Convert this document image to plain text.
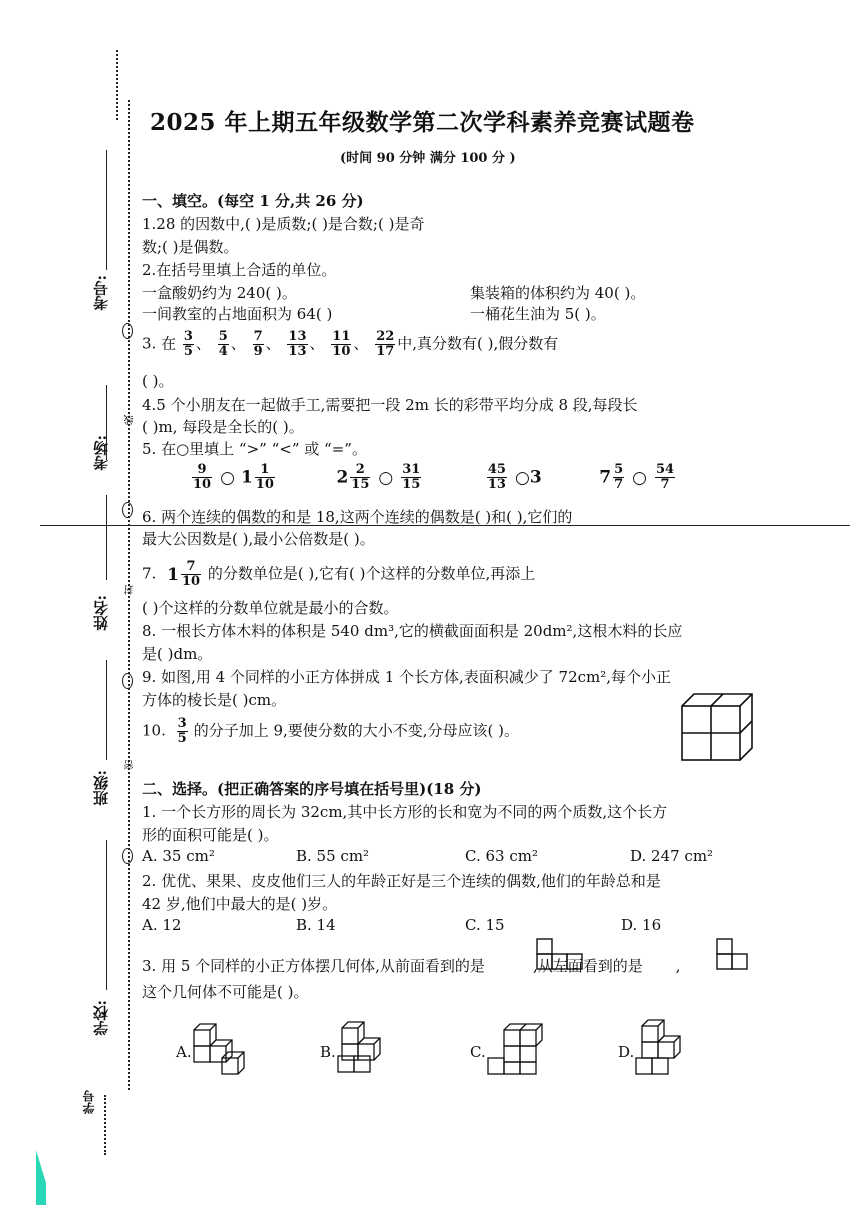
考号:
考场:
姓名:
班级:
学校:
学号
线
封
密
2025 年上期五年级数学第二次学科素养竞赛试题卷
(时间 90 分钟 满分 100 分 )
一、填空。(每空 1 分,共 26 分)
1.28 的因数中,( )是质数;( )是合数;( )是奇
数;( )是偶数。
2.在括号里填上合适的单位。
一盒酸奶约为 240( )。	集装箱的体积约为 40( )。
一间教室的占地面积为 64( )	一桶花生油为 5( )。
3. 在 $\frac{3}{5}$ 、 $\frac{5}{4}$ 、 $\frac{7}{9}$ 、 $\frac{13}{13}$ 、 $\frac{11}{10}$ 、 $\frac{22}{17}$ 中,真分数有( ),假分数有
( )。
4.5 个小朋友在一起做手工,需要把一段 2m 长的彩带平均分成 8 段,每段长
( )m, 每段是全长的( )。
5. 在○里填上 “>” “<” 或 “=”。
$\frac{9}{10}$ ○ $1 \frac{1}{10}$	$2 \frac{2}{15}$ ○ $\frac{31}{15}$
	$\frac{45}{13}$ ○3	$7 \frac{5}{7}$ ○ $\frac{54}{7}$
6. 两个连续的偶数的和是 18,这两个连续的偶数是( )和( ),它们的
最大公因数是( ),最小公倍数是( )。
7. $1 \frac{7}{10}$ 的分数单位是( ),它有( )个这样的分数单位,再添上
( )个这样的分数单位就是最小的合数。
8. 一根长方体木料的体积是 540 dm³,它的横截面面积是 20dm²,这根木料的长应
是( )dm。
9. 如图,用 4 个同样的小正方体拼成 1 个长方体,表面积减少了 72cm²,每个小正
方体的棱长是( )cm。
10. $\frac{3}{5}$ 的分子加上 9,要使分数的大小不变,分母应该( )。
二、选择。(把正确答案的序号填在括号里)(18 分)
1. 一个长方形的周长为 32cm,其中长方形的长和宽为不同的两个质数,这个长方
形的面积可能是( )。
A. 35 cm²	B. 55 cm²	C. 63 cm²	D. 247 cm²
2. 优优、果果、皮皮他们三人的年龄正好是三个连续的偶数,他们的年龄总和是
42 岁,他们中最大的是( )岁。
A. 12	B. 14	C. 15	D. 16
3. 用 5 个同样的小正方体摆几何体,从前面看到的是	,从左面看到的是 ,
这个几何体不可能是( )。
A.	B.	C.	D.
